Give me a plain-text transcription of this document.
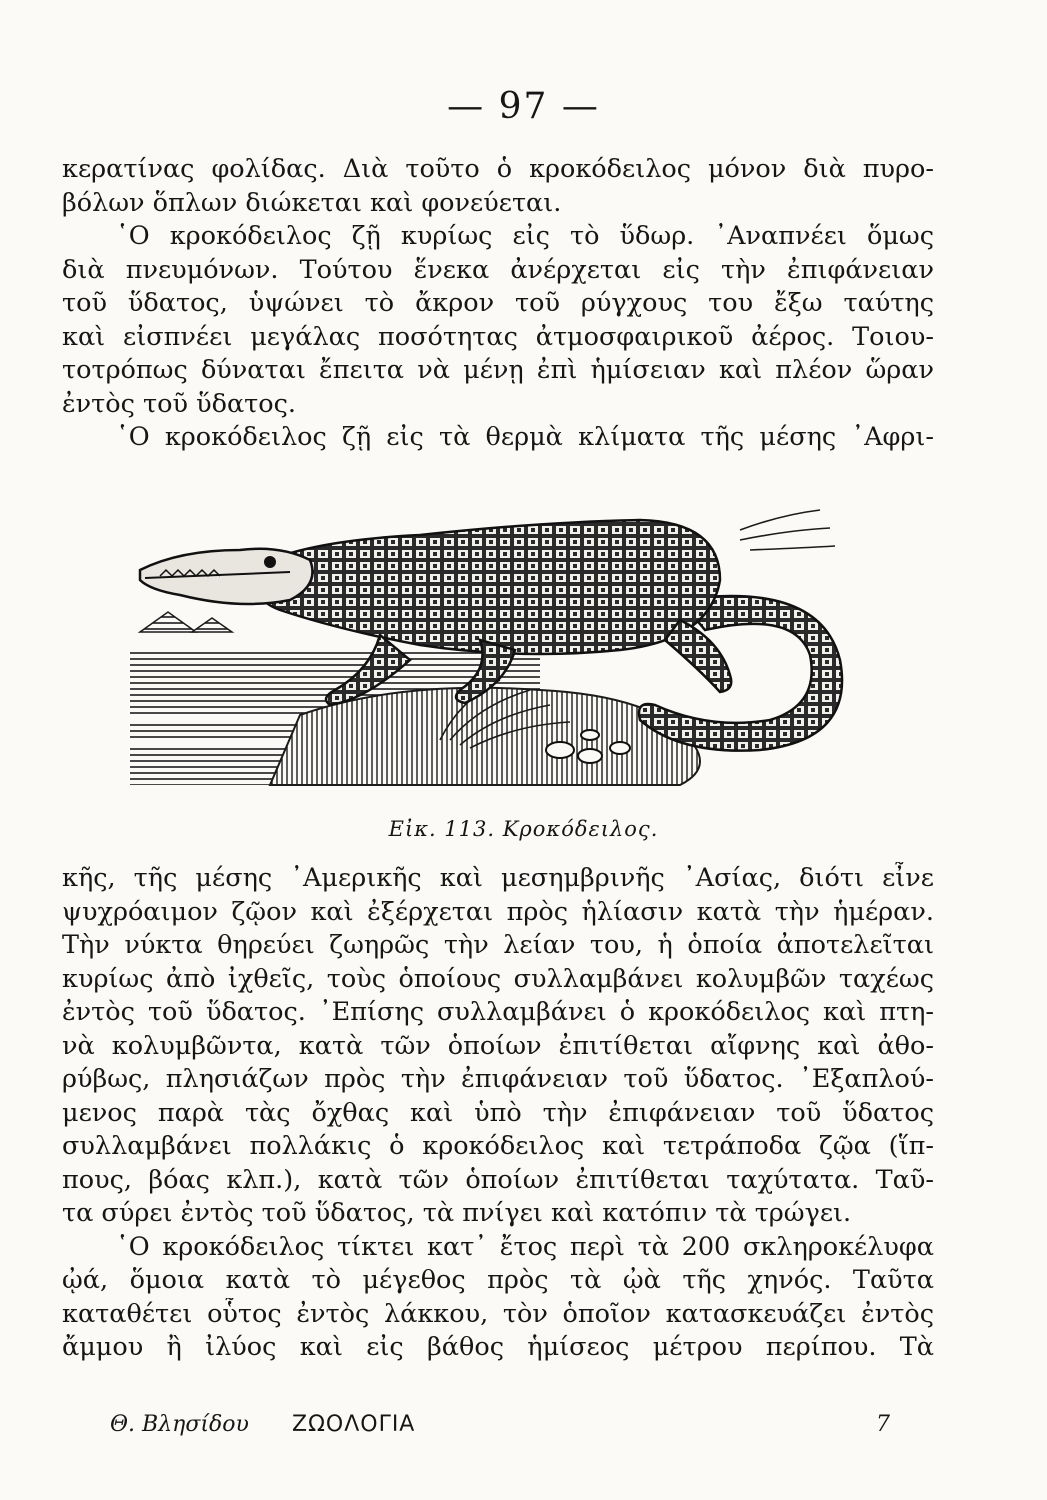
— 97 —
κερατίνας φολίδας. Διὰ τοῦτο ὁ κροκόδειλος μόνον διὰ πυρο-
βόλων ὅπλων διώκεται καὶ φονεύεται.
῾Ο κροκόδειλος ζῇ κυρίως εἰς τὸ ὕδωρ. ᾿Αναπνέει ὅμως
διὰ πνευμόνων. Τούτου ἕνεκα ἀνέρχεται εἰς τὴν ἐπιφάνειαν
τοῦ ὕδατος, ὑψώνει τὸ ἄκρον τοῦ ρύγχους του ἔξω ταύτης
καὶ εἰσπνέει μεγάλας ποσότητας ἀτμοσφαιρικοῦ ἀέρος. Τοιου-
τοτρόπως δύναται ἔπειτα νὰ μένῃ ἐπὶ ἡμίσειαν καὶ πλέον ὥραν
ἐντὸς τοῦ ὕδατος.
῾Ο κροκόδειλος ζῇ εἰς τὰ θερμὰ κλίματα τῆς μέσης ᾿Αφρι-
Εἰκ. 113. Κροκόδειλος.
κῆς, τῆς μέσης ᾿Αμερικῆς καὶ μεσημβρινῆς ᾿Ασίας, διότι εἶνε
ψυχρόαιμον ζῷον καὶ ἐξέρχεται πρὸς ἡλίασιν κατὰ τὴν ἡμέραν.
Τὴν νύκτα θηρεύει ζωηρῶς τὴν λείαν του, ἡ ὁποία ἀποτελεῖται
κυρίως ἀπὸ ἰχθεῖς, τοὺς ὁποίους συλλαμβάνει κολυμβῶν ταχέως
ἐντὸς τοῦ ὕδατος. ᾿Επίσης συλλαμβάνει ὁ κροκόδειλος καὶ πτη-
νὰ κολυμβῶντα, κατὰ τῶν ὁποίων ἐπιτίθεται αἴφνης καὶ ἀθο-
ρύβως, πλησιάζων πρὸς τὴν ἐπιφάνειαν τοῦ ὕδατος. ᾿Εξαπλού-
μενος παρὰ τὰς ὄχθας καὶ ὑπὸ τὴν ἐπιφάνειαν τοῦ ὕδατος
συλλαμβάνει πολλάκις ὁ κροκόδειλος καὶ τετράποδα ζῷα (ἵπ-
πους, βόας κλπ.), κατὰ τῶν ὁποίων ἐπιτίθεται ταχύτατα. Ταῦ-
τα σύρει ἐντὸς τοῦ ὕδατος, τὰ πνίγει καὶ κατόπιν τὰ τρώγει.
῾Ο κροκόδειλος τίκτει κατ᾿ ἔτος περὶ τὰ 200 σκληροκέλυφα
ᾠά, ὅμοια κατὰ τὸ μέγεθος πρὸς τὰ ᾠὰ τῆς χηνός. Ταῦτα
καταθέτει οὗτος ἐντὸς λάκκου, τὸν ὁποῖον κατασκευάζει ἐντὸς
ἄμμου ἢ ἰλύος καὶ εἰς βάθος ἡμίσεος μέτρου περίπου. Τὰ
Θ. Βλησίδου ΖΩΟΛΟΓΙΑ	7
